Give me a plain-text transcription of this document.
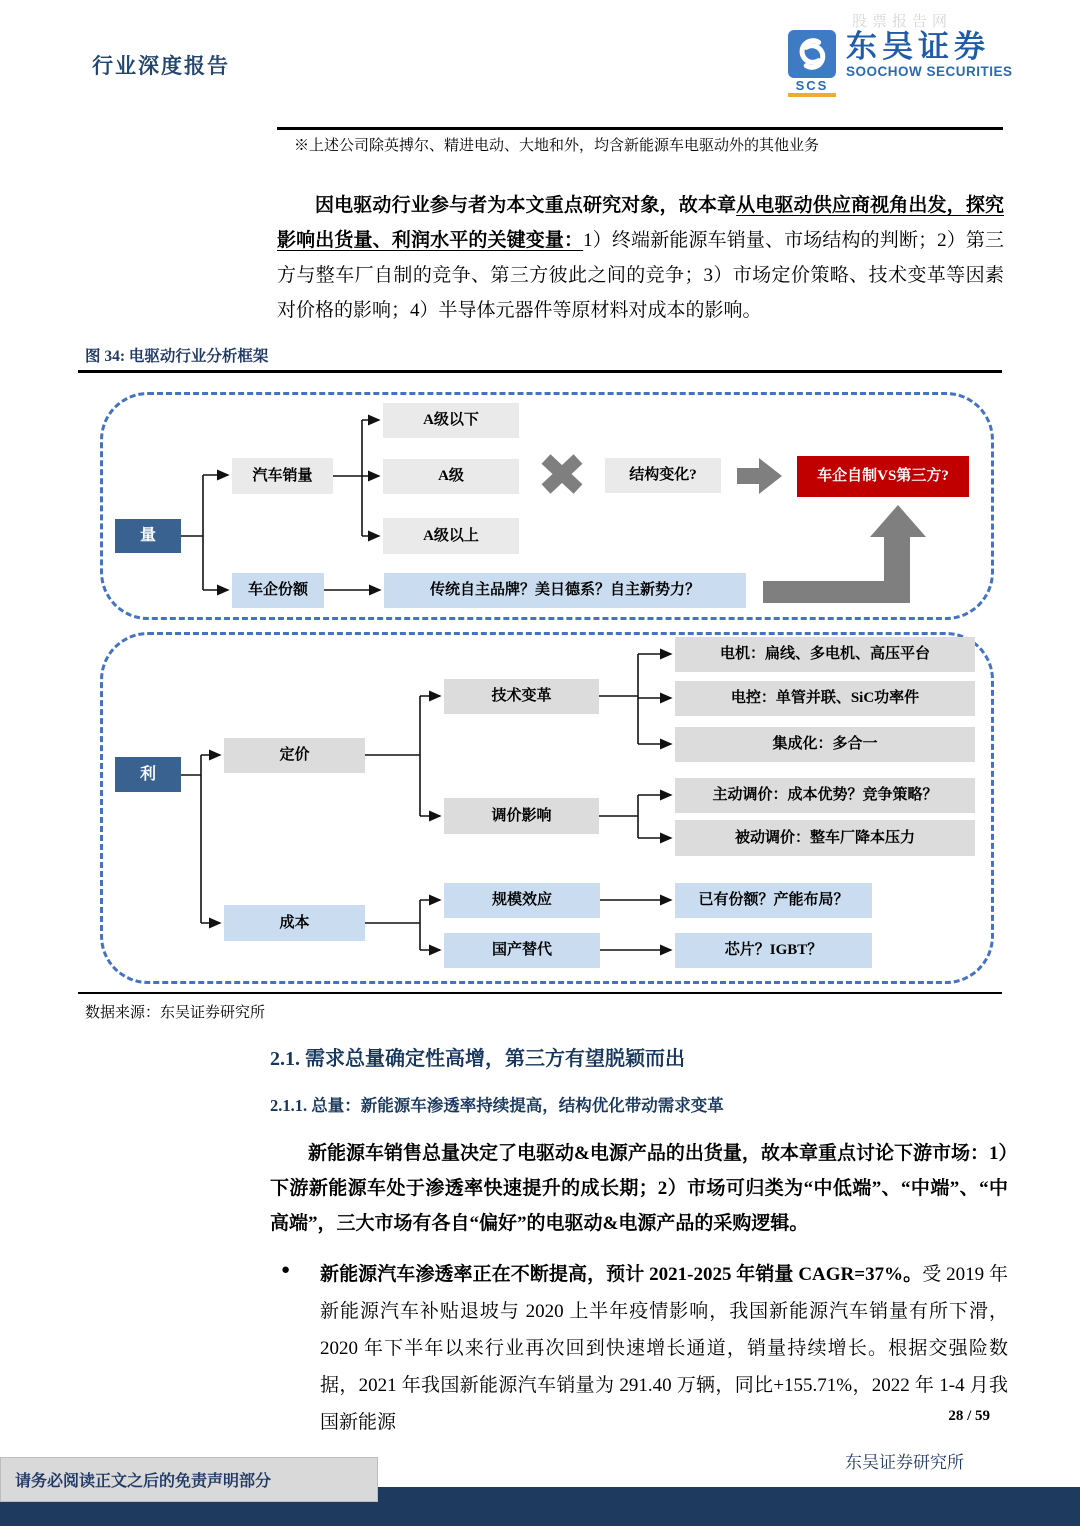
股票报告网
行业深度报告
SCS
东吴证券
SOOCHOW SECURITIES
※上述公司除英搏尔、精进电动、大地和外，均含新能源车电驱动外的其他业务
因电驱动行业参与者为本文重点研究对象，故本章从电驱动供应商视角出发，探究影响出货量、利润水平的关键变量：1）终端新能源车销量、市场结构的判断；2）第三方与整车厂自制的竞争、第三方彼此之间的竞争；3）市场定价策略、技术变革等因素对价格的影响；4）半导体元器件等原材料对成本的影响。
图 34: 电驱动行业分析框架
量
汽车销量
A级以下
A级
A级以上
结构变化?	车企自制VS第三方?
车企份额	传统自主品牌？美日德系？自主新势力？
利
定价
技术变革
电机：扁线、多电机、高压平台
电控：单管并联、SiC功率件
集成化：多合一
调价影响
主动调价：成本优势？竞争策略？
被动调价：整车厂降本压力
成本
规模效应	已有份额？产能布局？
国产替代	芯片？IGBT？
数据来源：东吴证券研究所
2.1. 需求总量确定性高增，第三方有望脱颖而出
2.1.1. 总量：新能源车渗透率持续提高，结构优化带动需求变革
新能源车销售总量决定了电驱动&电源产品的出货量，故本章重点讨论下游市场：1）下游新能源车处于渗透率快速提升的成长期；2）市场可归类为“中低端”、“中端”、“中高端”，三大市场有各自“偏好”的电驱动&电源产品的采购逻辑。
● 新能源汽车渗透率正在不断提高，预计 2021-2025 年销量 CAGR=37%。受 2019 年新能源汽车补贴退坡与 2020 上半年疫情影响，我国新能源汽车销量有所下滑，2020 年下半年以来行业再次回到快速增长通道，销量持续增长。根据交强险数据，2021 年我国新能源汽车销量为 291.40 万辆，同比+155.71%，2022 年 1-4 月我国新能源	28 / 59
东吴证券研究所
请务必阅读正文之后的免责声明部分
